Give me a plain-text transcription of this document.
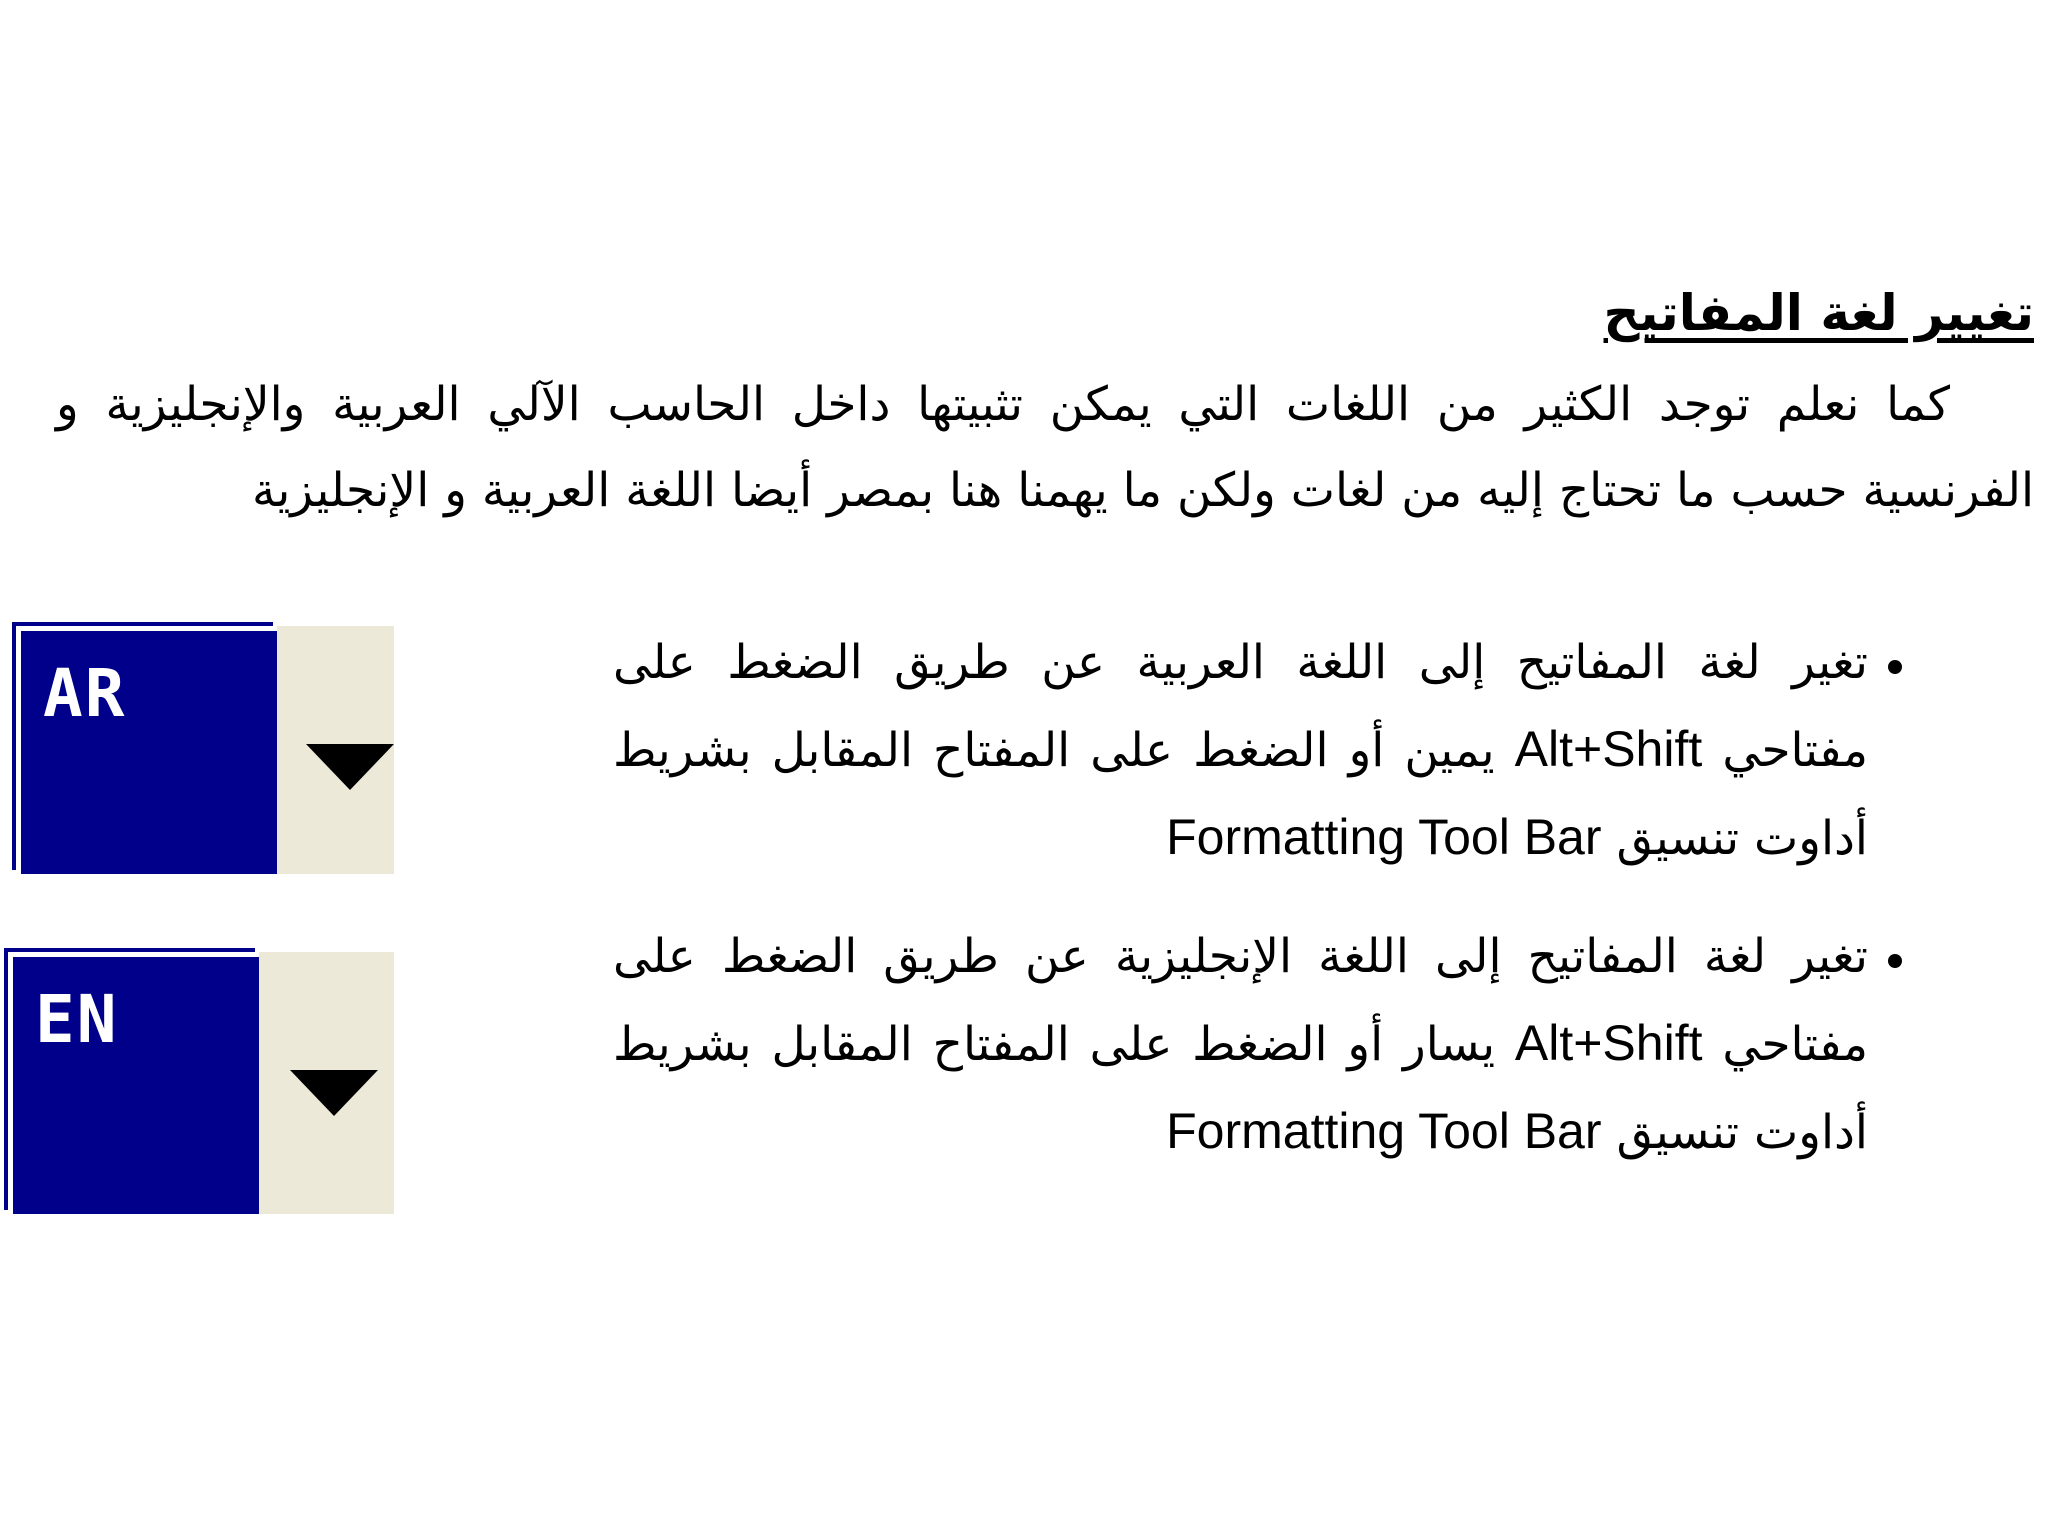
تغيير لغة المفاتيح

كما نعلم توجد الكثير من اللغات التي يمكن تثبيتها داخل الحاسب الآلي العربية والإنجليزية و الفرنسية حسب ما تحتاج إليه من لغات ولكن ما يهمنا هنا بمصر أيضا اللغة العربية و الإنجليزية

AR	تغير لغة المفاتيح إلى اللغة العربية عن طريق الضغط على مفتاحي Alt+Shift يمين أو الضغط على المفتاح المقابل بشريط أداوت تنسيق Formatting Tool Bar

EN

تغير لغة المفاتيح إلى اللغة الإنجليزية عن طريق الضغط على مفتاحي Alt+Shift يسار أو الضغط على المفتاح المقابل بشريط أداوت تنسيق Formatting Tool Bar
